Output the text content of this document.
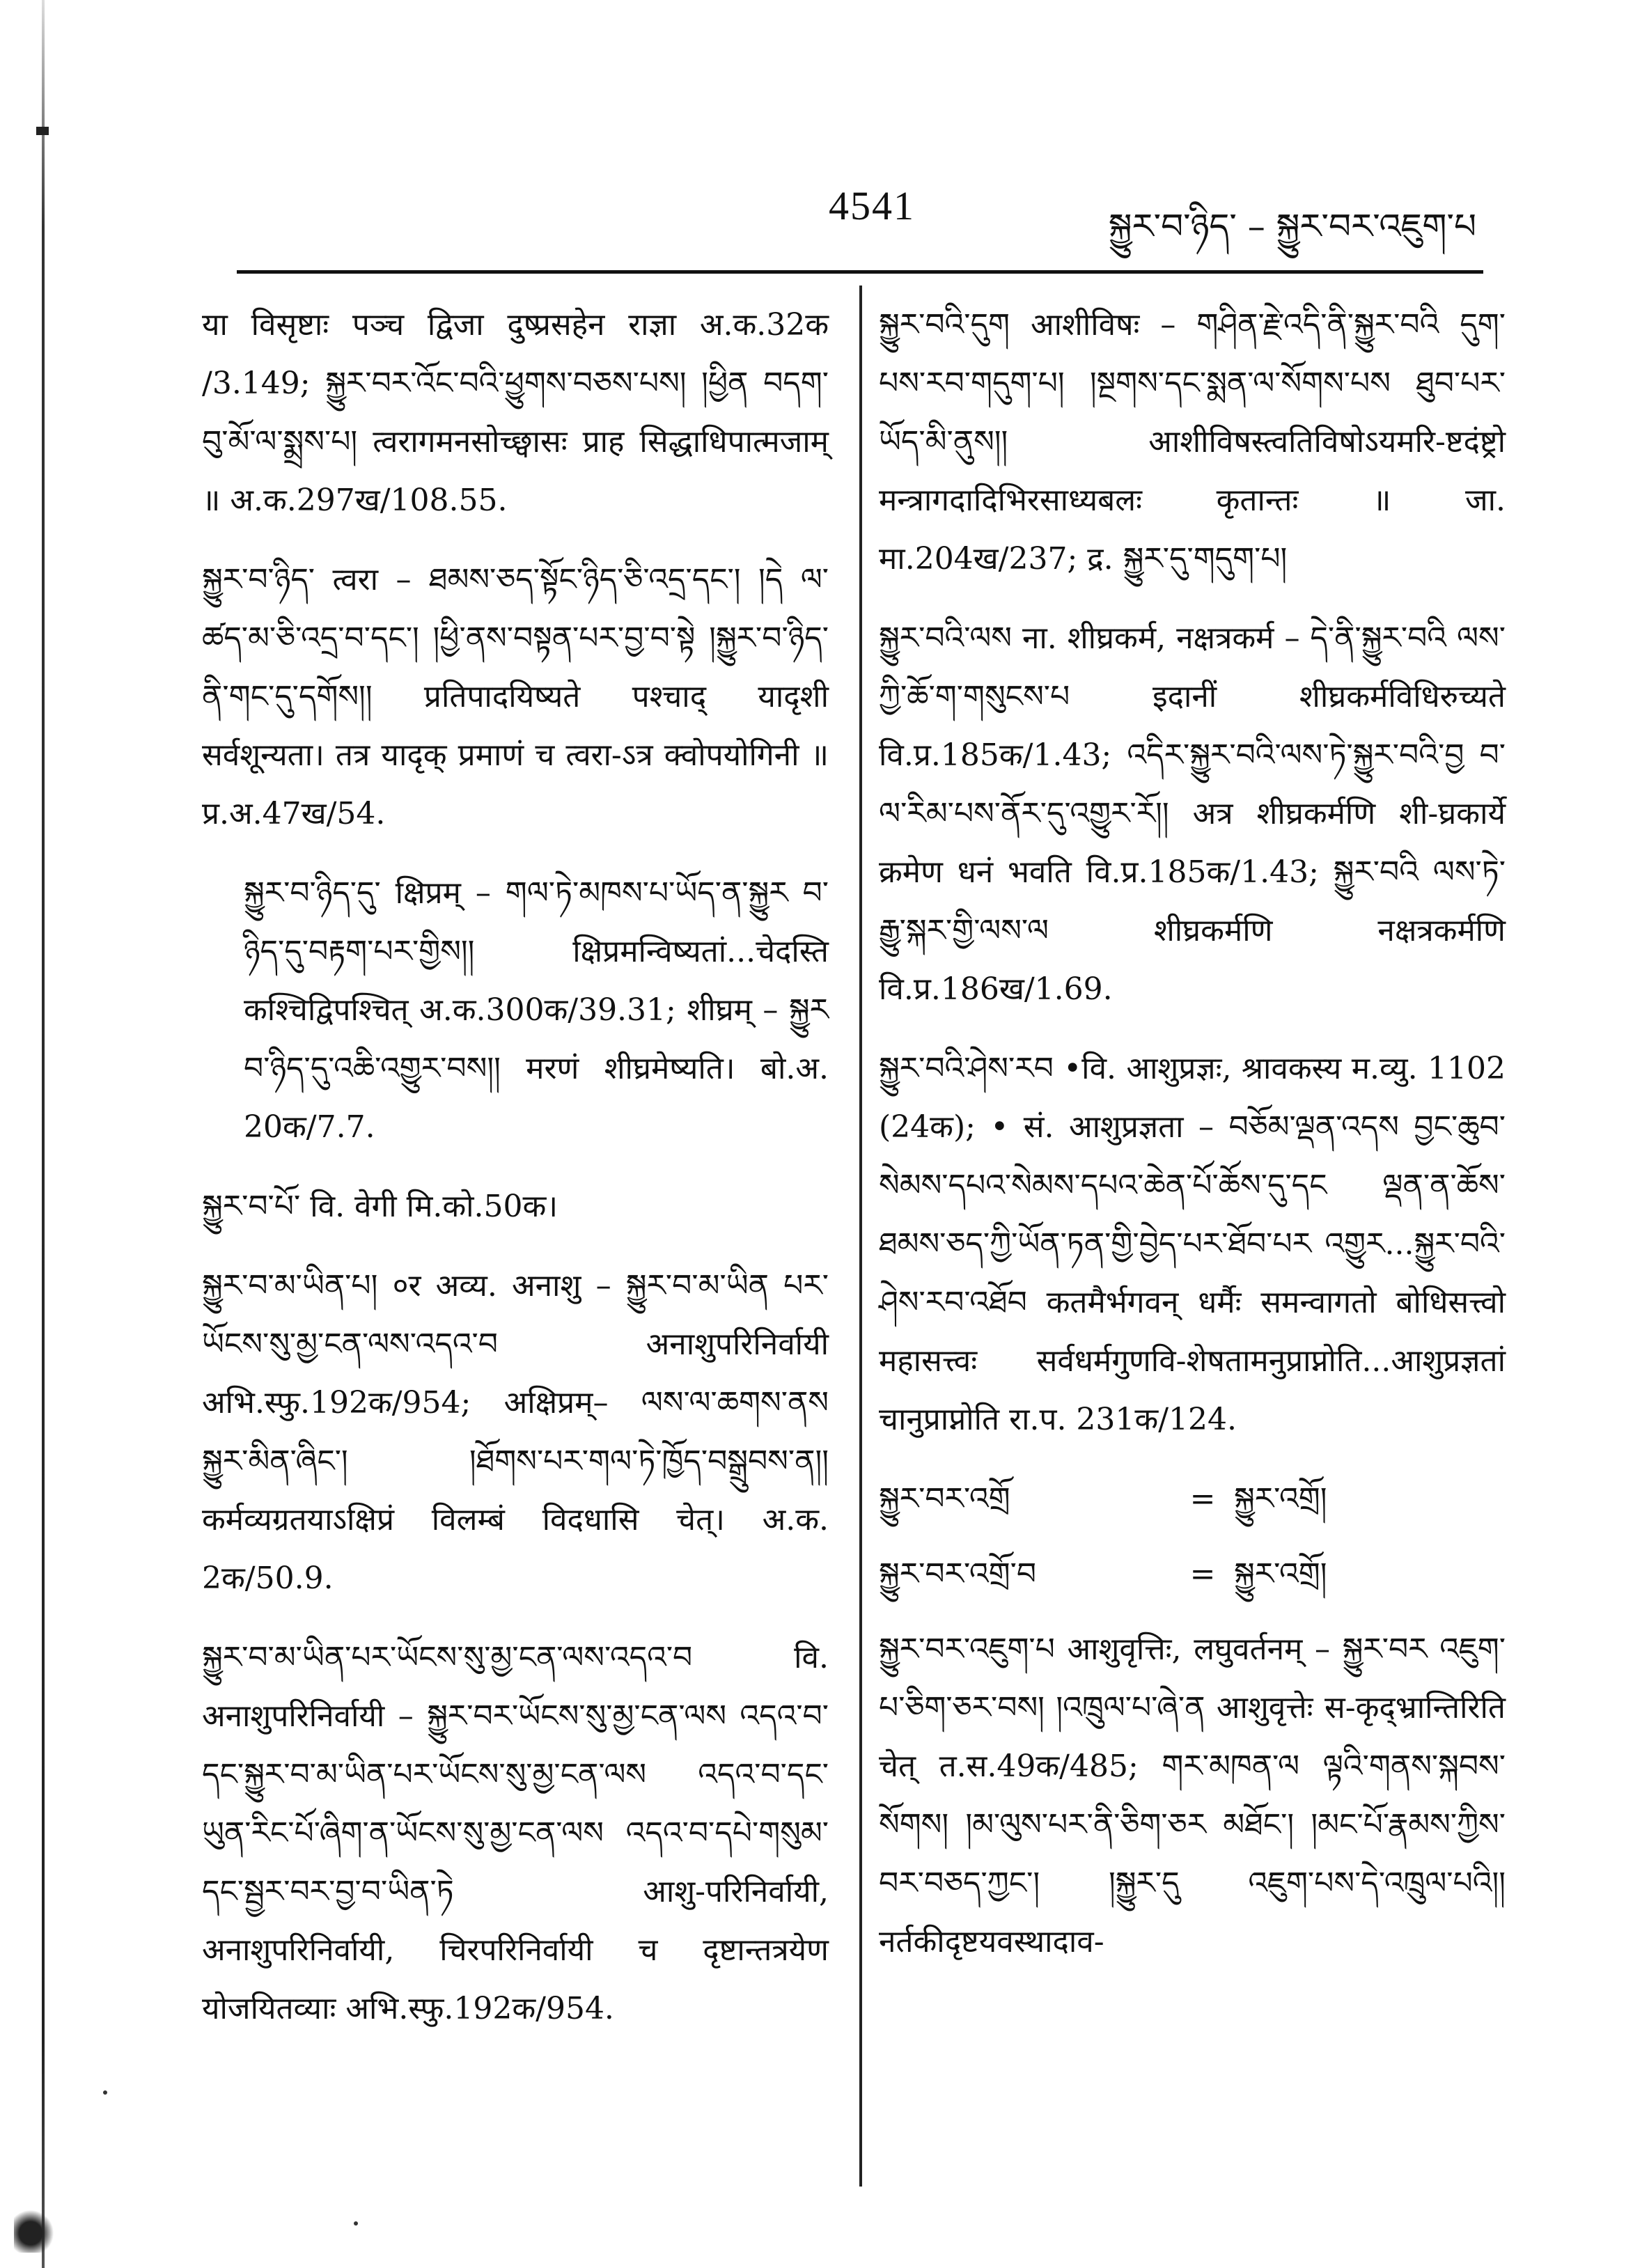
4541	སྐྱུར་བ་ཉིད་ – སྐྱུར་བར་འཇུག་པ

या विसृष्टाः पञ्च द्विजा दुष्प्रसहेन राज्ञा अ.क.32क /3.149; སྐྱུར་བར་འོང་བའི་ཕྱུགས་བཅས་པས། །ཕྱིན བདག་བུ་མོ་ལ་སྨྲས་པ། त्वरागमनसोच्छ्वासः प्राह सिद्धाधिपात्मजाम् ॥ अ.क.297ख/108.55.

སྐྱུར་བ་ཉིད་ त्वरा – ཐམས་ཅད་སྟོང་ཉིད་ཅི་འདྲ་དང་། །དེ ལ་ཚད་མ་ཅི་འདྲ་བ་དང་། །ཕྱི་ནས་བསྟན་པར་བྱ་བ་སྟེ །སྐྱུར་བ་ཉིད་ནི་གང་དུ་དགོས།། प्रतिपादयिष्यते पश्चाद् यादृशी सर्वशून्यता। तत्र यादृक् प्रमाणं च त्वरा-ऽत्र क्वोपयोगिनी ॥ प्र.अ.47ख/54.

སྐྱུར་བ་ཉིད་དུ་ क्षिप्रम् – གལ་ཏེ་མཁས་པ་ཡོད་ན་སྐྱུར བ་ཉིད་དུ་བརྟག་པར་གྱིས།། क्षिप्रमन्विष्यतां...चेदस्ति कश्चिद्विपश्चित् अ.क.300क/39.31; शीघ्रम् – སྐྱུར བ་ཉིད་དུ་འཆི་འགྱུར་བས།། मरणं शीघ्रमेष्यति। बो.अ. 20क/7.7.

སྐྱུར་བ་པོ་ वि. वेगी मि.को.50क।

སྐྱུར་བ་མ་ཡིན་པ། ०र अव्य. अनाशु – སྐྱུར་བ་མ་ཡིན པར་ཡོངས་སུ་མྱ་ངན་ལས་འདའ་བ अनाशुपरिनिर्वायी अभि.स्फु.192क/954; अक्षिप्रम्– ལས་ལ་ཆགས་ནས སྐྱུར་མིན་ཞིང་། །ཐོགས་པར་གལ་ཏེ་ཁྱོད་བསྒྲུབས་ན།། कर्मव्यग्रतयाऽक्षिप्रं विलम्बं विदधासि चेत्। अ.क. 2क/50.9.

སྐྱུར་བ་མ་ཡིན་པར་ཡོངས་སུ་མྱ་ངན་ལས་འདའ་བ वि. अनाशुपरिनिर्वायी – སྐྱུར་བར་ཡོངས་སུ་མྱ་ངན་ལས འདའ་བ་དང་སྐྱུར་བ་མ་ཡིན་པར་ཡོངས་སུ་མྱ་ངན་ལས འདའ་བ་དང་ཡུན་རིང་པོ་ཞིག་ན་ཡོངས་སུ་མྱ་ངན་ལས འདའ་བ་དཔེ་གསུམ་དང་སྦྱར་བར་བྱ་བ་ཡིན་ཏེ आशु-परिनिर्वायी, अनाशुपरिनिर्वायी, चिरपरिनिर्वायी च दृष्टान्तत्रयेण योजयितव्याः अभि.स्फु.192क/954.

སྐྱུར་བའི་དུག आशीविषः – གཤིན་རྗེ་འདི་ནི་སྐྱུར་བའི དུག་པས་རབ་གདུག་པ། །སྔགས་དང་སྨན་ལ་སོགས་པས ཐུབ་པར་ཡོད་མི་ནུས།། आशीविषस्त्वतिविषोऽयमरि-ष्टदंष्ट्रो मन्त्रागदादिभिरसाध्यबलः कृतान्तः ॥ जा. मा.204ख/237; द्र. སྐྱུར་དུ་གདུག་པ།

སྐྱུར་བའི་ལས ना. शीघ्रकर्म, नक्षत्रकर्म – དེ་ནི་སྐྱུར་བའི ལས་ཀྱི་ཆོ་ག་གསུངས་པ इदानीं शीघ्रकर्मविधिरुच्यते वि.प्र.185क/1.43; འདིར་སྐྱུར་བའི་ལས་ཏེ་སྐྱུར་བའི་བྱ བ་ལ་རིམ་པས་ནོར་དུ་འགྱུར་རོ།། अत्र शीघ्रकर्मणि शी-घ्रकार्ये क्रमेण धनं भवति वि.प्र.185क/1.43; སྐྱུར་བའི ལས་ཏེ་རྒྱུ་སྐར་གྱི་ལས་ལ शीघ्रकर्मणि नक्षत्रकर्मणि वि.प्र.186ख/1.69.

སྐྱུར་བའི་ཤེས་རབ •वि. आशुप्रज्ञः, श्रावकस्य म.व्यु. 1102 (24क); • सं. आशुप्रज्ञता – བཅོམ་ལྡན་འདས བྱང་ཆུབ་སེམས་དཔའ་སེམས་དཔའ་ཆེན་པོ་ཆོས་དུ་དང ལྡན་ན་ཆོས་ཐམས་ཅད་ཀྱི་ཡོན་ཏན་གྱི་བྱེད་པར་ཐོབ་པར འགྱུར...སྐྱུར་བའི་ཤེས་རབ་འཐོབ कतमैर्भगवन् धर्मैः समन्वागतो बोधिसत्त्वो महासत्त्वः सर्वधर्मगुणवि-शेषतामनुप्राप्नोति...आशुप्रज्ञतां चानुप्राप्नोति रा.प. 231क/124.

སྐྱུར་བར་འགྲོ	= སྐྱུར་འགྲོ།
སྐྱུར་བར་འགྲོ་བ	= སྐྱུར་འགྲོ།

སྐྱུར་བར་འཇུག་པ आशुवृत्तिः, लघुवर्तनम् – སྐྱུར་བར འཇུག་པ་ཅིག་ཅར་བས། །འཁྲུལ་པ་ཞེ་ན आशुवृत्तेः स-कृद्भ्रान्तिरिति चेत् त.स.49क/485; གར་མཁན་ལ ལྟའི་གནས་སྐབས་སོགས། །མ་ལུས་པར་ནི་ཅིག་ཅར མཐོང་། །མང་པོ་རྣམས་ཀྱིས་བར་བཅད་ཀྱང་། །སྐྱུར་དུ འཇུག་པས་དེ་འཁྲུལ་པའི།། नर्तकीदृष्टयवस्थादाव-
